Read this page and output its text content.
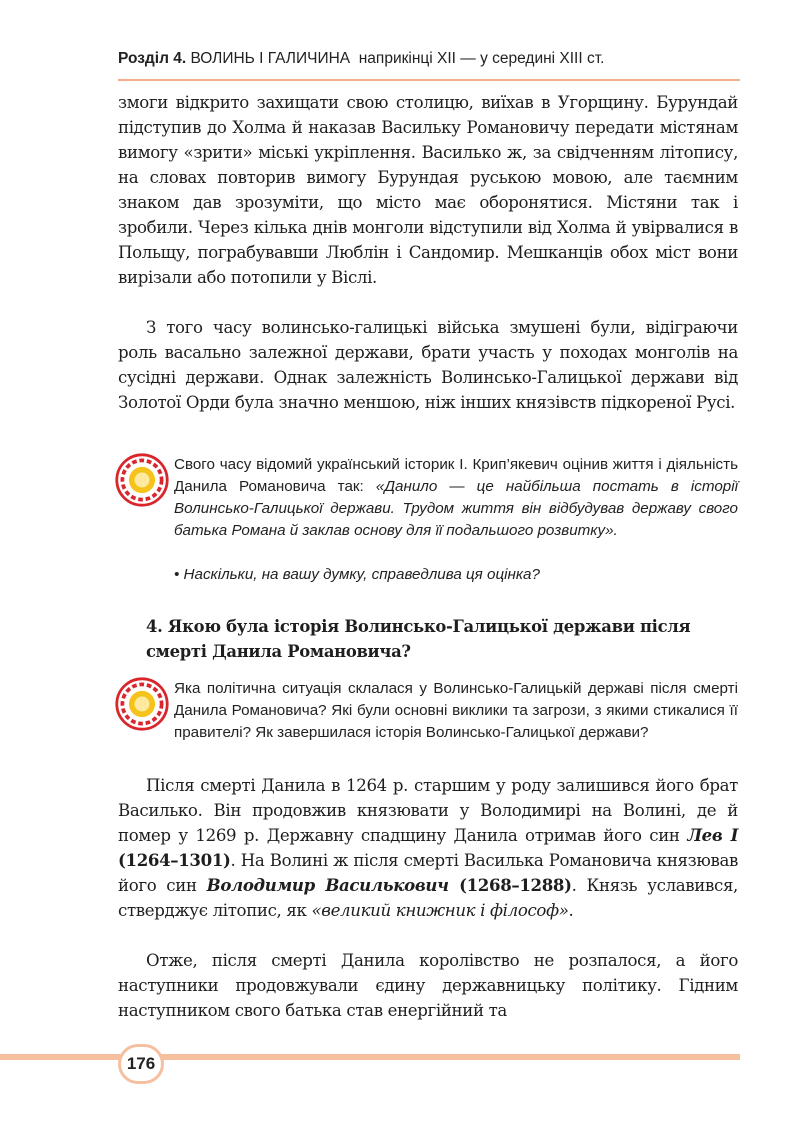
Розділ 4. ВОЛИНЬ І ГАЛИЧИНА наприкінці XII — у середині XIII ст.

змоги відкрито захищати свою столицю, виїхав в Угорщину. Бурундай підступив до Холма й наказав Васильку Романовичу передати містянам вимогу «зрити» міські укріплення. Василько ж, за свідченням літопису, на словах повторив вимогу Бурундая руською мовою, але таємним знаком дав зрозуміти, що місто має оборонятися. Містяни так і зробили. Через кілька днів монголи відступили від Холма й увірвалися в Польщу, пограбувавши Люблін і Сандомир. Мешканців обох міст вони вирізали або потопили у Віслі.

З того часу волинсько-галицькі війська змушені були, відіграючи роль васально залежної держави, брати участь у походах монголів на сусідні держави. Однак залежність Волинсько-Галицької держави від Золотої Орди була значно меншою, ніж інших князівств підкореної Русі.

Свого часу відомий український історик І. Крип’якевич оцінив життя і діяльність Данила Романовича так: «Данило — це найбільша постать в історії Волинсько-Галицької держави. Трудом життя він відбудував державу свого батька Романа й заклав основу для її подальшого розвитку».

• Наскільки, на вашу думку, справедлива ця оцінка?

4. Якою була історія Волинсько-Галицької держави після смерті Данила Романовича?

Яка політична ситуація склалася у Волинсько-Галицькій державі після смерті Данила Романовича? Які були основні виклики та загрози, з якими стикалися її правителі? Як завершилася історія Волинсько-Галицької держави?

Після смерті Данила в 1264 р. старшим у роду залишився його брат Василько. Він продовжив князювати у Володимирі на Волині, де й помер у 1269 р. Державну спадщину Данила отримав його син Лев І (1264–1301). На Волині ж після смерті Василька Романовича князював його син Володимир Василькович (1268–1288). Князь уславився, стверджує літопис, як «великий книжник і філософ».

Отже, після смерті Данила королівство не розпалося, а його наступники продовжували єдину державницьку політику. Гідним наступником свого батька став енергійний та

176
